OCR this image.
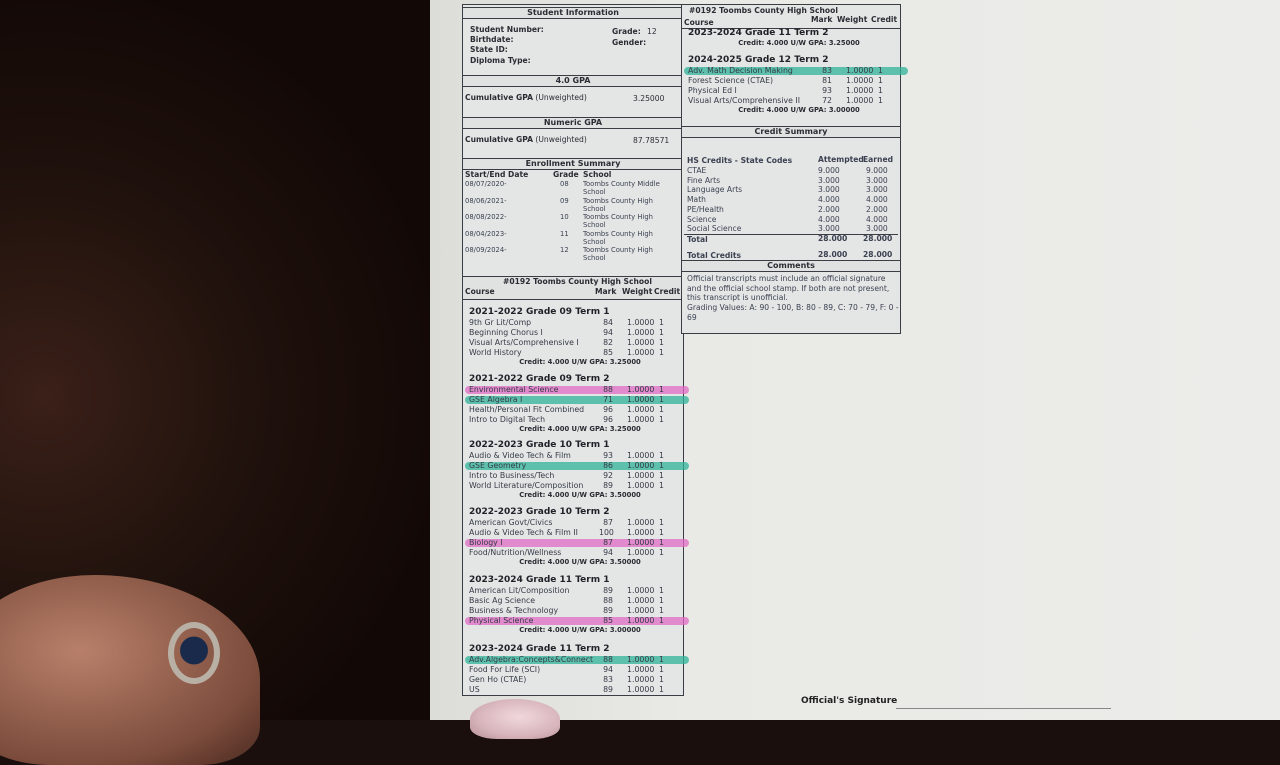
Student Information
Student Number:
Birthdate:
State ID:
Diploma Type:
Grade: 12
Gender:
4.0 GPA
Cumulative GPA (Unweighted)	3.25000
Numeric GPA
Cumulative GPA (Unweighted)	87.78571
Enrollment Summary
Start/End Date	Grade School
08/07/2020-	08 Toombs County Middle
School
08/06/2021-	09 Toombs County High
School
08/08/2022-	10 Toombs County High
School
08/04/2023-	11 Toombs County High
School
08/09/2024-	12 Toombs County High
School
#0192 Toombs County High School
Course	Mark Weight Credit
2021-2022 Grade 09 Term 1
9th Gr Lit/Comp	84 1.0000 1
Beginning Chorus I	94 1.0000 1
Visual Arts/Comprehensive I	82 1.0000 1
World History	85 1.0000 1
Credit: 4.000 U/W GPA: 3.25000
2021-2022 Grade 09 Term 2
Environmental Science	88 1.0000 1
GSE Algebra I	71 1.0000 1
Health/Personal Fit Combined	96 1.0000 1
Intro to Digital Tech	96 1.0000 1
Credit: 4.000 U/W GPA: 3.25000
2022-2023 Grade 10 Term 1
Audio & Video Tech & Film	93 1.0000 1
GSE Geometry	86 1.0000 1
Intro to Business/Tech	92 1.0000 1
World Literature/Composition	89 1.0000 1
Credit: 4.000 U/W GPA: 3.50000
2022-2023 Grade 10 Term 2
American Govt/Civics	87 1.0000 1
Audio & Video Tech & Film II	100 1.0000 1
Biology I	87 1.0000 1
Food/Nutrition/Wellness	94 1.0000 1
Credit: 4.000 U/W GPA: 3.50000
2023-2024 Grade 11 Term 1
American Lit/Composition	89 1.0000 1
Basic Ag Science	88 1.0000 1
Business & Technology	89 1.0000 1
Physical Science	85 1.0000 1
Credit: 4.000 U/W GPA: 3.00000
2023-2024 Grade 11 Term 2
Adv.Algebra:Concepts&Connect	88 1.0000 1
Food For Life (SCI)	94 1.0000 1
Gen Ho (CTAE)	83 1.0000 1
US	89 1.0000 1
#0192 Toombs County High School
Course	Mark Weight Credit
2023-2024 Grade 11 Term 2
Credit: 4.000 U/W GPA: 3.25000
2024-2025 Grade 12 Term 2
Adv. Math Decision Making	83 1.0000 1
Forest Science (CTAE)	81 1.0000 1
Physical Ed I	93 1.0000 1
Visual Arts/Comprehensive II	72 1.0000 1
Credit: 4.000 U/W GPA: 3.00000
Credit Summary
HS Credits - State Codes	Attempted Earned
CTAE	9.000	9.000
Fine Arts	3.000	3.000
Language Arts	3.000	3.000
Math	4.000	4.000
PE/Health	2.000	2.000
Science	4.000	4.000
Social Science	3.000	3.000
Total	28.000 28.000
Total Credits	28.000 28.000
Comments
Official transcripts must include an official signature and the official school stamp. If both are not present, this transcript is unofficial.
Grading Values: A: 90 - 100, B: 80 - 89, C: 70 - 79, F: 0 - 69
Official's Signature
